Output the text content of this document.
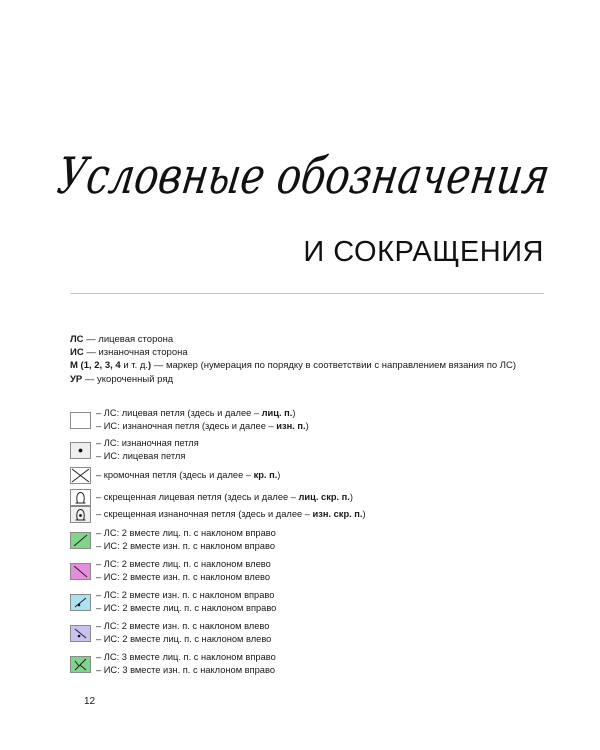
Условные обозначения
И СОКРАЩЕНИЯ
ЛС — лицевая сторона
ИС — изнаночная сторона
М (1, 2, 3, 4 и т. д.) — маркер (нумерация по порядку в соответствии с направлением вязания по ЛС)
УР — укороченный ряд
– ЛС: лицевая петля (здесь и далее – лиц. п.)
– ИС: изнаночная петля (здесь и далее – изн. п.)
– ЛС: изнаночная петля
– ИС: лицевая петля
– кромочная петля (здесь и далее – кр. п.)
– скрещенная лицевая петля (здесь и далее – лиц. скр. п.)
– скрещенная изнаночная петля (здесь и далее – изн. скр. п.)
– ЛС: 2 вместе лиц. п. с наклоном вправо
– ИС: 2 вместе изн. п. с наклоном вправо
– ЛС: 2 вместе лиц. п. с наклоном влево
– ИС: 2 вместе изн. п. с наклоном влево
– ЛС: 2 вместе изн. п. с наклоном вправо
– ИС: 2 вместе лиц. п. с наклоном вправо
– ЛС: 2 вместе изн. п. с наклоном влево
– ИС: 2 вместе лиц. п. с наклоном влево
– ЛС: 3 вместе лиц. п. с наклоном вправо
– ИС: 3 вместе изн. п. с наклоном вправо
12
